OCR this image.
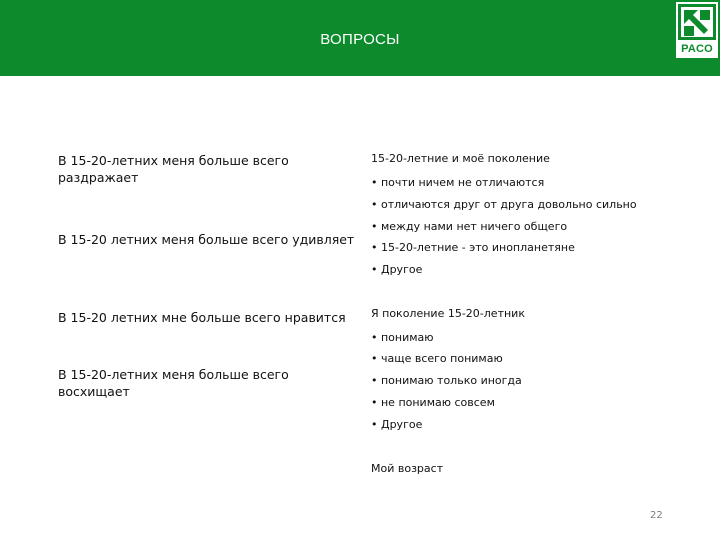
ВОПРОСЫ
PACO
В 15-20-летних меня больше всего раздражает
В 15-20 летних меня больше всего удивляет
В 15-20 летних мне больше всего нравится
В 15-20-летних меня больше всего восхищает
15-20-летние и моё поколение
• почти ничем не отличаются
• отличаются друг от друга довольно сильно
• между нами нет ничего общего
• 15-20-летние - это инопланетяне
• Другое
Я поколение 15-20-летник
• понимаю
• чаще всего понимаю
• понимаю только иногда
• не понимаю совсем
• Другое
Мой возраст
22
